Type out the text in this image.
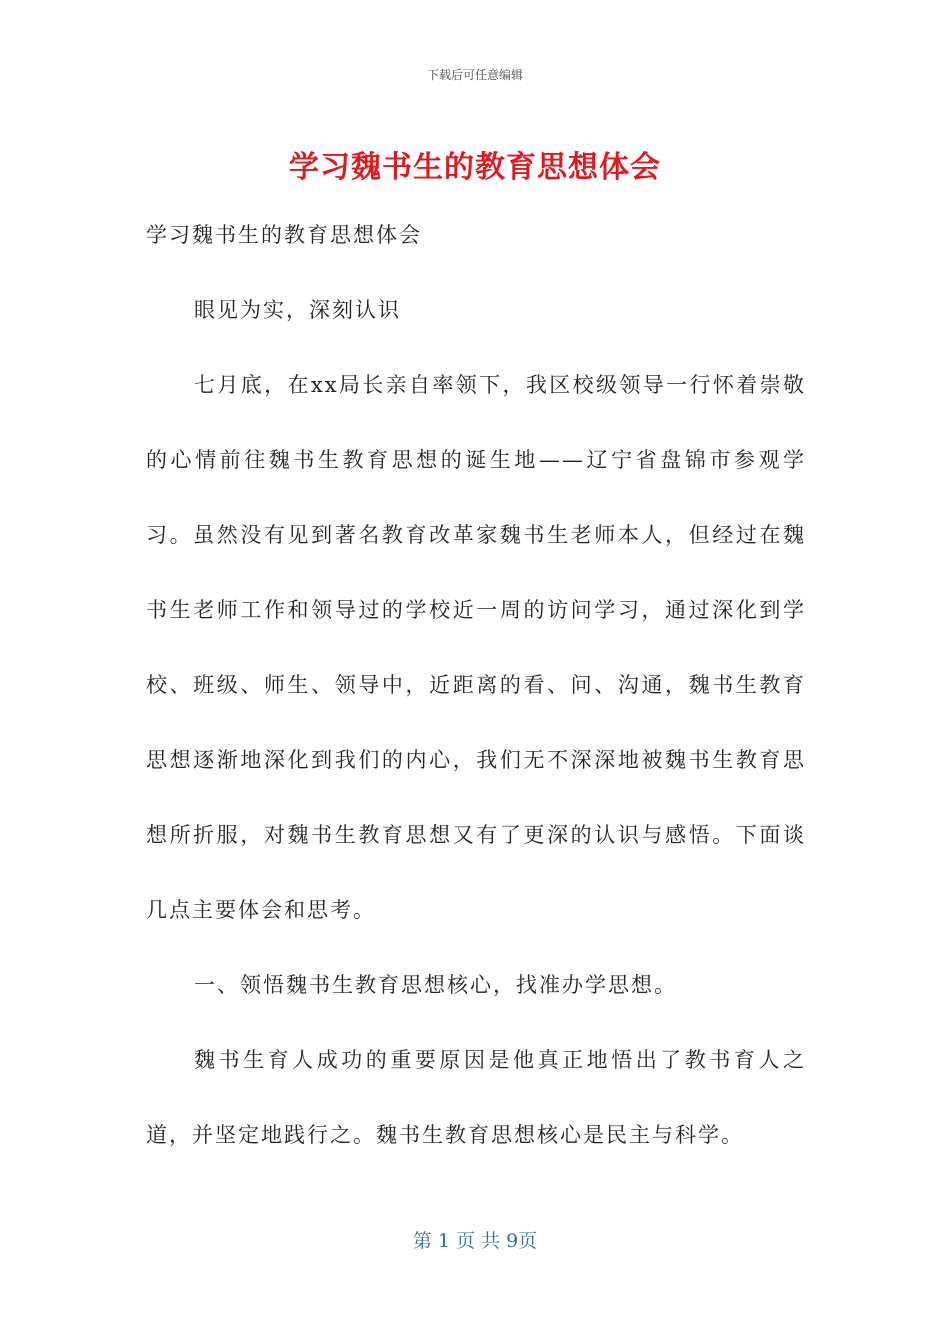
下载后可任意编辑
学习魏书生的教育思想体会

学习魏书生的教育思想体会

眼见为实，深刻认识

七月底，在xx局长亲自率领下，我区校级领导一行怀着崇敬的心情前往魏书生教育思想的诞生地——辽宁省盘锦市参观学习。虽然没有见到著名教育改革家魏书生老师本人，但经过在魏书生老师工作和领导过的学校近一周的访问学习，通过深化到学校、班级、师生、领导中，近距离的看、问、沟通，魏书生教育思想逐渐地深化到我们的内心，我们无不深深地被魏书生教育思想所折服，对魏书生教育思想又有了更深的认识与感悟。下面谈几点主要体会和思考。

一、领悟魏书生教育思想核心，找准办学思想。

魏书生育人成功的重要原因是他真正地悟出了教书育人之道，并坚定地践行之。魏书生教育思想核心是民主与科学。

第 1 页 共 9页
